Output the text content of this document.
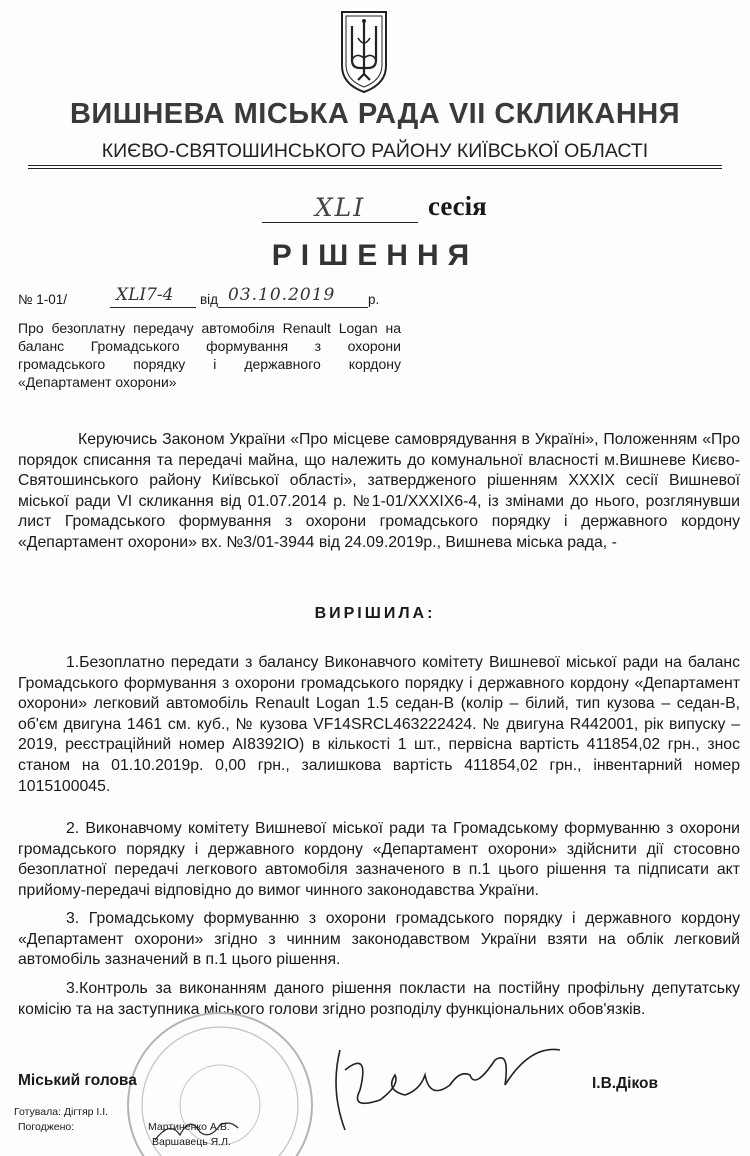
ВИШНЕВА МІСЬКА РАДА VII СКЛИКАННЯ
КИЄВО-СВЯТОШИНСЬКОГО РАЙОНУ КИЇВСЬКОЇ ОБЛАСТІ
XLI	сесія
РІШЕННЯ
№ 1-01/	XLI7-4 від 03.10.2019 р.
Про безоплатну передачу автомобіля Renault Logan на баланс Громадського формування з охорони громадського порядку і державного кордону «Департамент охорони»
Керуючись Законом України «Про місцеве самоврядування в Україні», Положенням «Про порядок списання та передачі майна, що належить до комунальної власності м.Вишневе Києво-Святошинського району Київської області», затвердженого рішенням XXXIX сесії Вишневої міської ради VI скликання від 01.07.2014 р. №1-01/XXXIX6-4, із змінами до нього, розглянувши лист Громадського формування з охорони громадського порядку і державного кордону «Департамент охорони» вх. №3/01-3944 від 24.09.2019р., Вишнева міська рада, -
ВИРІШИЛА:
1.Безоплатно передати з балансу Виконавчого комітету Вишневої міської ради на баланс Громадського формування з охорони громадського порядку і державного кордону «Департамент охорони» легковий автомобіль Renault Logan 1.5 седан-В (колір – білий, тип кузова – седан-В, об'єм двигуна 1461 см. куб., № кузова VF14SRCL463222424. № двигуна R442001, рік випуску – 2019, реєстраційний номер АІ8392ІО) в кількості 1 шт., первісна вартість 411854,02 грн., знос станом на 01.10.2019р. 0,00 грн., залишкова вартість 411854,02 грн., інвентарний номер 1015100045.
2. Виконавчому комітету Вишневої міської ради та Громадському формуванню з охорони громадського порядку і державного кордону «Департамент охорони» здійснити дії стосовно безоплатної передачі легкового автомобіля зазначеного в п.1 цього рішення та підписати акт прийому-передачі відповідно до вимог чинного законодавства України.
3. Громадському формуванню з охорони громадського порядку і державного кордону «Департамент охорони» згідно з чинним законодавством України взяти на облік легковий автомобіль зазначений в п.1 цього рішення.
3.Контроль за виконанням даного рішення покласти на постійну профільну депутатську комісію та на заступника міського голови згідно розподілу функціональних обов'язків.
Міський голова	І.В.Діков
Готувала: Дігтяр І.І.
Погоджено:	Мартиненко А.В.
Варшавець Я.Л.
